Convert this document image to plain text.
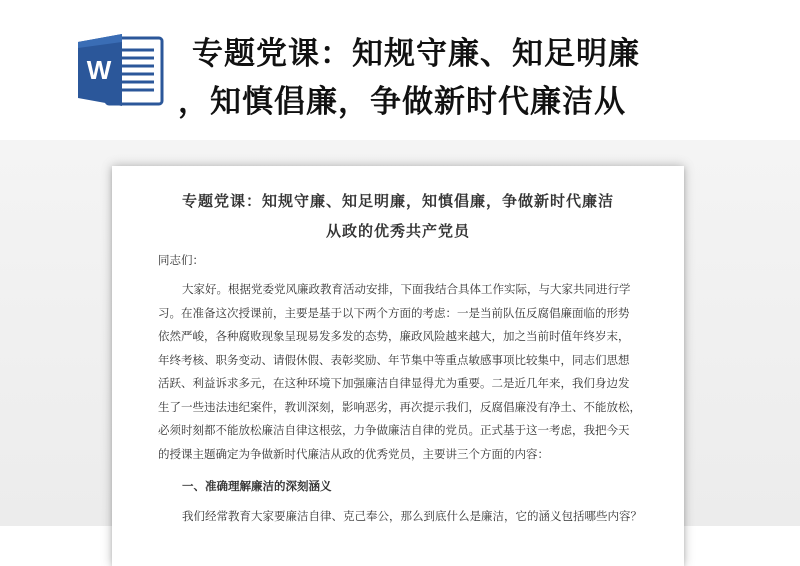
W	专题党课：知规守廉、知足明廉
，知慎倡廉，争做新时代廉洁从
专题党课：知规守廉、知足明廉，知慎倡廉，争做新时代廉洁
从政的优秀共产党员
同志们：
大家好。根据党委党风廉政教育活动安排，下面我结合具体工作实际，与大家共同进行学
习。在准备这次授课前，主要是基于以下两个方面的考虑：一是当前队伍反腐倡廉面临的形势
依然严峻，各种腐败现象呈现易发多发的态势，廉政风险越来越大，加之当前时值年终岁末，
年终考核、职务变动、请假休假、表彰奖励、年节集中等重点敏感事项比较集中，同志们思想
活跃、利益诉求多元，在这种环境下加强廉洁自律显得尤为重要。二是近几年来，我们身边发
生了一些违法违纪案件，教训深刻，影响恶劣，再次提示我们，反腐倡廉没有净土、不能放松，
必须时刻都不能放松廉洁自律这根弦，力争做廉洁自律的党员。正式基于这一考虑，我把今天
的授课主题确定为争做新时代廉洁从政的优秀党员，主要讲三个方面的内容：
一、准确理解廉洁的深刻涵义
我们经常教育大家要廉洁自律、克己奉公，那么到底什么是廉洁，它的涵义包括哪些内容？
